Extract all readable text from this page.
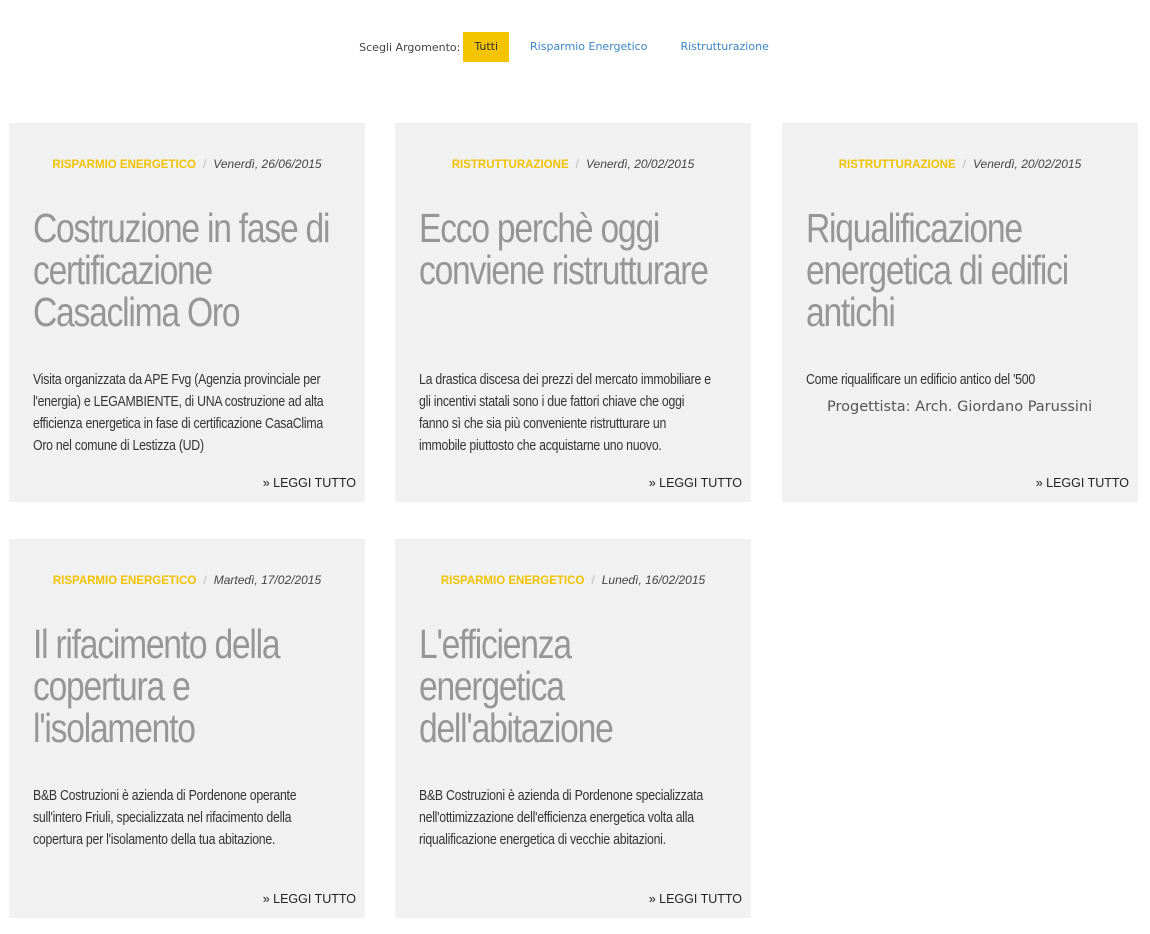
Scegli Argomento:	Tutti	Risparmio Energetico	Ristrutturazione
RISPARMIO ENERGETICO / Venerdì, 26/06/2015
Costruzione in fase di certificazione Casaclima Oro

Visita organizzata da APE Fvg (Agenzia provinciale per l'energia) e LEGAMBIENTE, di UNA costruzione ad alta efficienza energetica in fase di certificazione CasaClima Oro nel comune di Lestizza (UD)

» LEGGI TUTTO
RISTRUTTURAZIONE / Venerdì, 20/02/2015
Ecco perchè oggi conviene ristrutturare

La drastica discesa dei prezzi del mercato immobiliare e gli incentivi statali sono i due fattori chiave che oggi fanno sì che sia più conveniente ristrutturare un immobile piuttosto che acquistarne uno nuovo.

» LEGGI TUTTO
RISTRUTTURAZIONE / Venerdì, 20/02/2015
Riqualificazione energetica di edifici antichi

Come riqualificare un edificio antico del '500

Progettista: Arch. Giordano Parussini

» LEGGI TUTTO
RISPARMIO ENERGETICO / Martedì, 17/02/2015
Il rifacimento della copertura e l'isolamento

B&B Costruzioni è azienda di Pordenone operante sull'intero Friuli, specializzata nel rifacimento della copertura per l'isolamento della tua abitazione.

» LEGGI TUTTO
RISPARMIO ENERGETICO / Lunedì, 16/02/2015
L'efficienza energetica dell'abitazione

B&B Costruzioni è azienda di Pordenone specializzata nell'ottimizzazione dell'efficienza energetica volta alla riqualificazione energetica di vecchie abitazioni.

» LEGGI TUTTO
